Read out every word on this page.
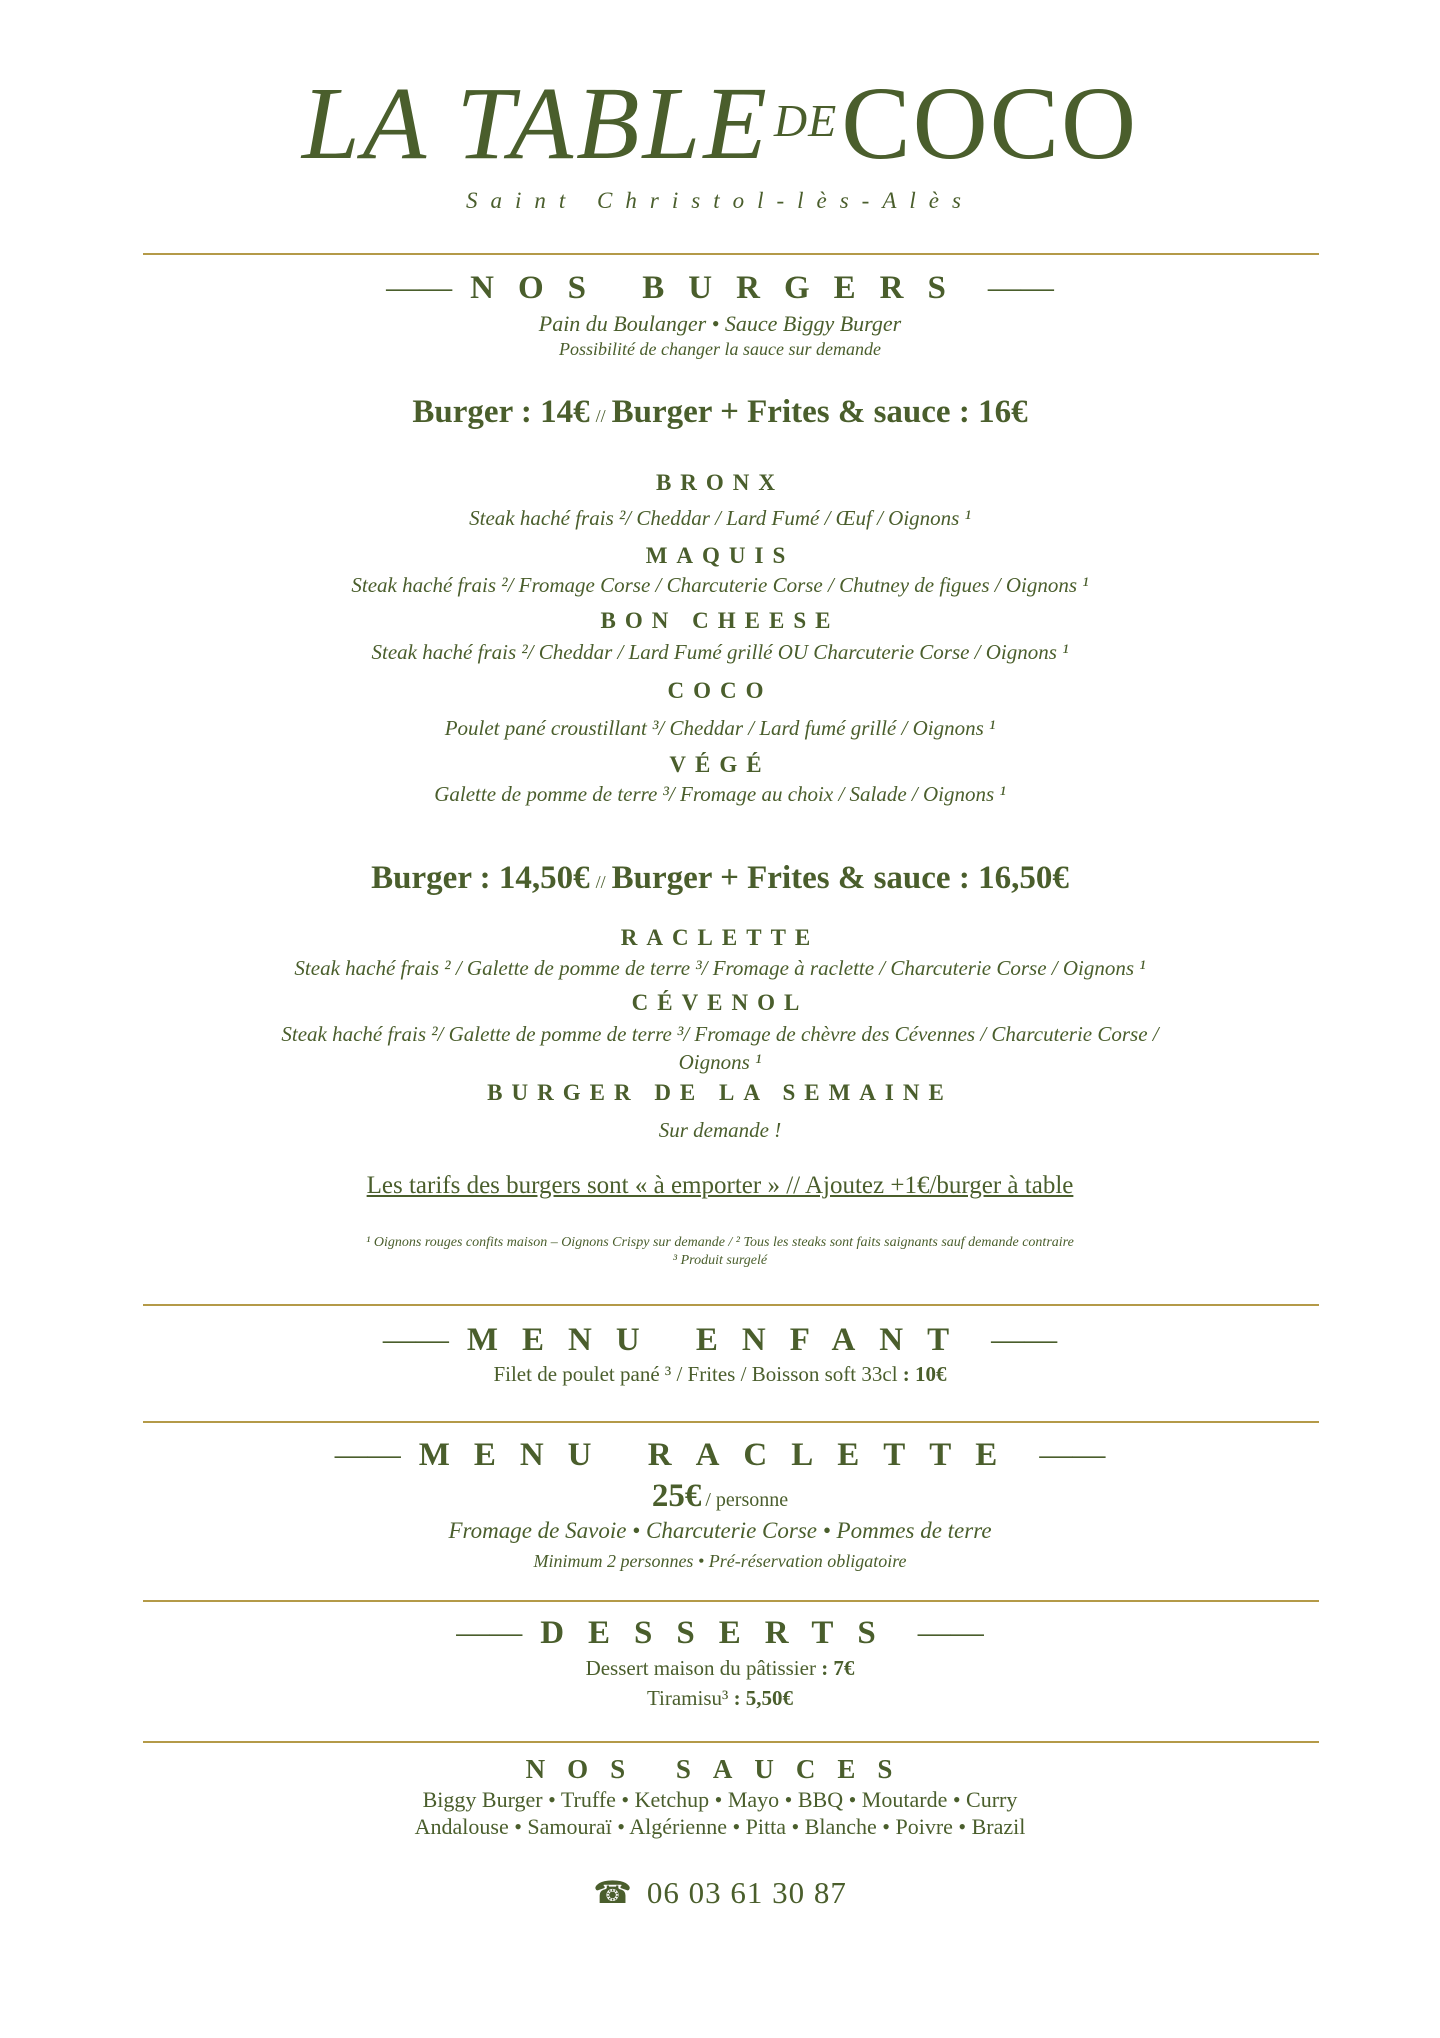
LA $TABLE^{DE}COCO$
Saint Christol-lès-Alès
—— NOS BURGERS ——
Pain du Boulanger • Sauce Biggy Burger
Possibilité de changer la sauce sur demande
Burger : 14€ // Burger + Frites & sauce : 16€
BRONX
Steak haché frais ²/ Cheddar / Lard Fumé / Œuf / Oignons ¹
MAQUIS
Steak haché frais ²/ Fromage Corse / Charcuterie Corse / Chutney de figues / Oignons ¹
BON CHEESE
Steak haché frais ²/ Cheddar / Lard Fumé grillé OU Charcuterie Corse / Oignons ¹
COCO
Poulet pané croustillant ³/ Cheddar / Lard fumé grillé / Oignons ¹
VÉGÉ
Galette de pomme de terre ³/ Fromage au choix / Salade / Oignons ¹
Burger : 14,50€ // Burger + Frites & sauce : 16,50€
RACLETTE
Steak haché frais ² / Galette de pomme de terre ³/ Fromage à raclette / Charcuterie Corse / Oignons ¹
CÉVENOL
Steak haché frais ²/ Galette de pomme de terre ³/ Fromage de chèvre des Cévennes / Charcuterie Corse /
Oignons ¹
BURGER DE LA SEMAINE
Sur demande !
Les tarifs des burgers sont « à emporter » // Ajoutez +1€/burger à table
¹ Oignons rouges confits maison – Oignons Crispy sur demande / ² Tous les steaks sont faits saignants sauf demande contraire
³ Produit surgelé
—— MENU ENFANT ——
Filet de poulet pané ³ / Frites / Boisson soft 33cl : 10€
—— MENU RACLETTE ——
25€ / personne
Fromage de Savoie • Charcuterie Corse • Pommes de terre
Minimum 2 personnes • Pré-réservation obligatoire
—— DESSERTS ——
Dessert maison du pâtissier : 7€
Tiramisu³ : 5,50€
NOS SAUCES
Biggy Burger • Truffe • Ketchup • Mayo • BBQ • Moutarde • Curry
Andalouse • Samouraï • Algérienne • Pitta • Blanche • Poivre • Brazil
☎ 06 03 61 30 87
